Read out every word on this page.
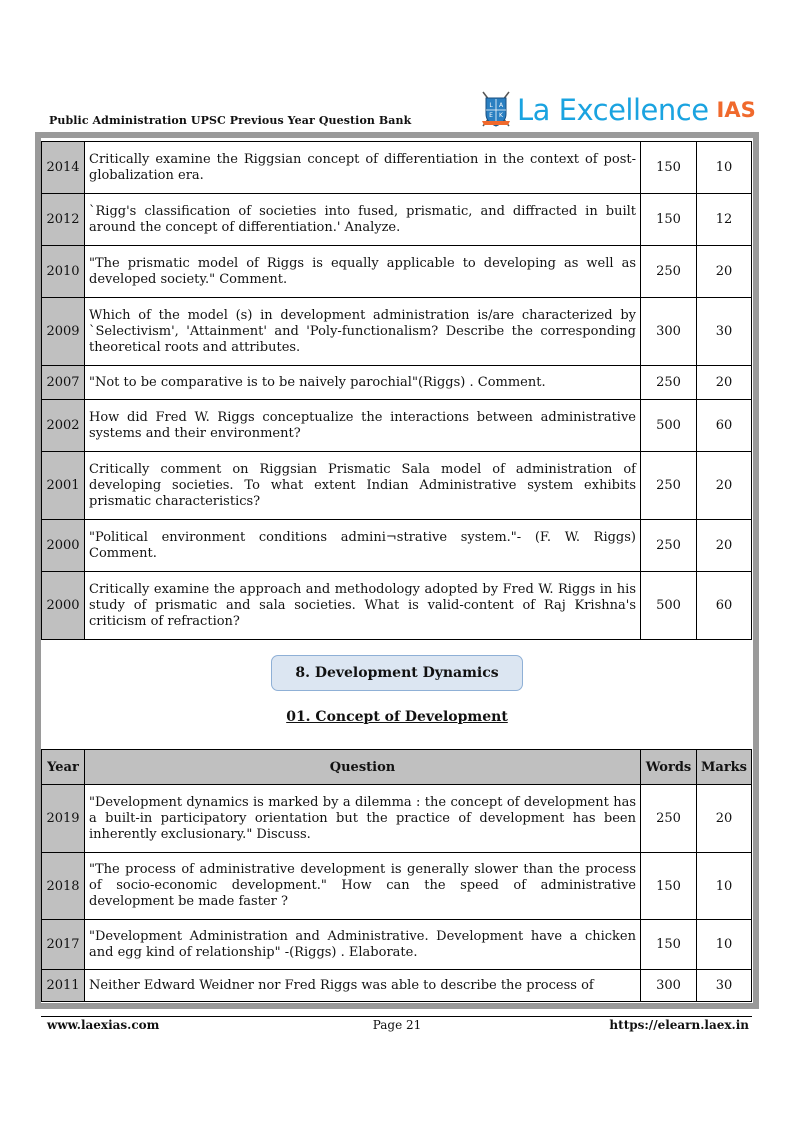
Public Administration UPSC Previous Year Question Bank
L A
E K La Excellence IAS
2014	Critically examine the Riggsian concept of differentiation in the context of post-globalization era.	150	10
2012	`Rigg's classification of societies into fused, prismatic, and diffracted in built around the concept of differentiation.' Analyze.	150	12
2010	"The prismatic model of Riggs is equally applicable to developing as well as developed society." Comment.	250	20
2009	Which of the model (s) in development administration is/are characterized by `Selectivism', 'Attainment' and 'Poly-functionalism? Describe the corresponding theoretical roots and attributes.	300	30
2007	"Not to be comparative is to be naively parochial"(Riggs) . Comment.	250	20
2002	How did Fred W. Riggs conceptualize the interactions between administrative systems and their environment?	500	60
2001	Critically comment on Riggsian Prismatic Sala model of administration of developing societies. To what extent Indian Administrative system exhibits prismatic characteristics?	250	20
2000	"Political environment conditions admini¬strative system."- (F. W. Riggs) Comment.	250	20
2000	Critically examine the approach and methodology adopted by Fred W. Riggs in his study of prismatic and sala societies. What is valid-content of Raj Krishna's criticism of refraction?	500	60
8. Development Dynamics
01. Concept of Development
Year	Question	Words	Marks
2019	"Development dynamics is marked by a dilemma : the concept of development has a built-in participatory orientation but the practice of development has been inherently exclusionary." Discuss.	250	20
2018	"The process of administrative development is generally slower than the process of socio-economic development." How can the speed of administrative development be made faster ?	150	10
2017	"Development Administration and Administrative. Development have a chicken and egg kind of relationship" -(Riggs) . Elaborate.	150	10
2011	Neither Edward Weidner nor Fred Riggs was able to describe the process of	300	30
www.laexias.com	Page 21	https://elearn.laex.in
